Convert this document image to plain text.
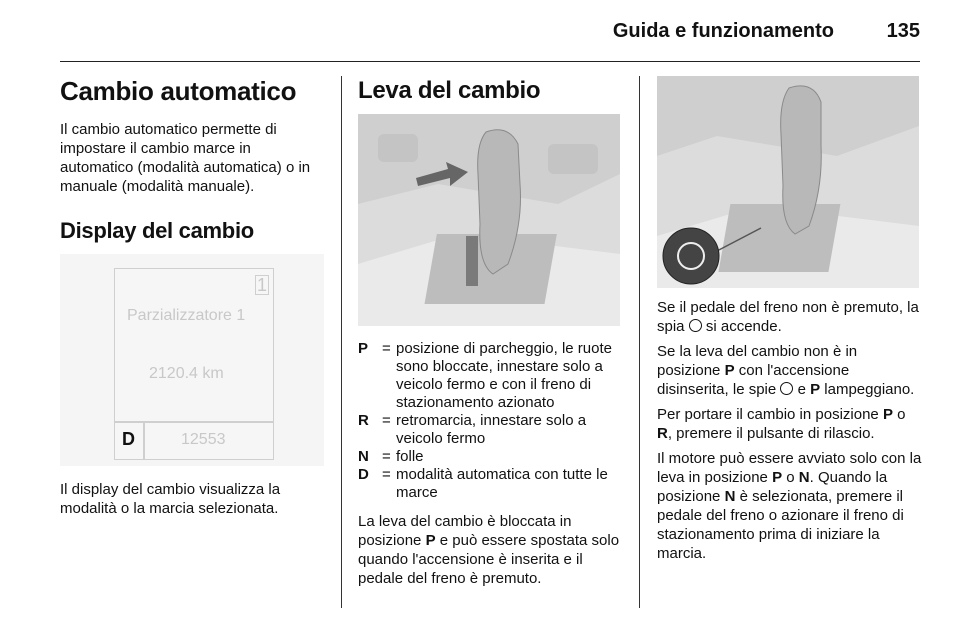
Guida e funzionamento	135
Cambio automatico

Il cambio automatico permette di impostare il cambio marce in automatico (modalità automatica) o in manuale (modalità manuale).

Display del cambio
1
Parzializzatore 1
2120.4 km
D	12553

Il display del cambio visualizza la modalità o la marcia selezionata.

Leva del cambio
P = posizione di parcheggio, le ruote sono bloccate, innestare solo a veicolo fermo e con il freno di stazionamento azionato
R = retromarcia, innestare solo a veicolo fermo
N = folle
D = modalità automatica con tutte le marce

La leva del cambio è bloccata in posizione P e può essere spostata solo quando l'accensione è inserita e il pedale del freno è premuto.

Se il pedale del freno non è premuto, la spia si accende.

Se la leva del cambio non è in posizione P con l'accensione disinserita, le spie e P lampeggiano.

Per portare il cambio in posizione P o R, premere il pulsante di rilascio.

Il motore può essere avviato solo con la leva in posizione P o N. Quando la posizione N è selezionata, premere il pedale del freno o azionare il freno di stazionamento prima di iniziare la marcia.
